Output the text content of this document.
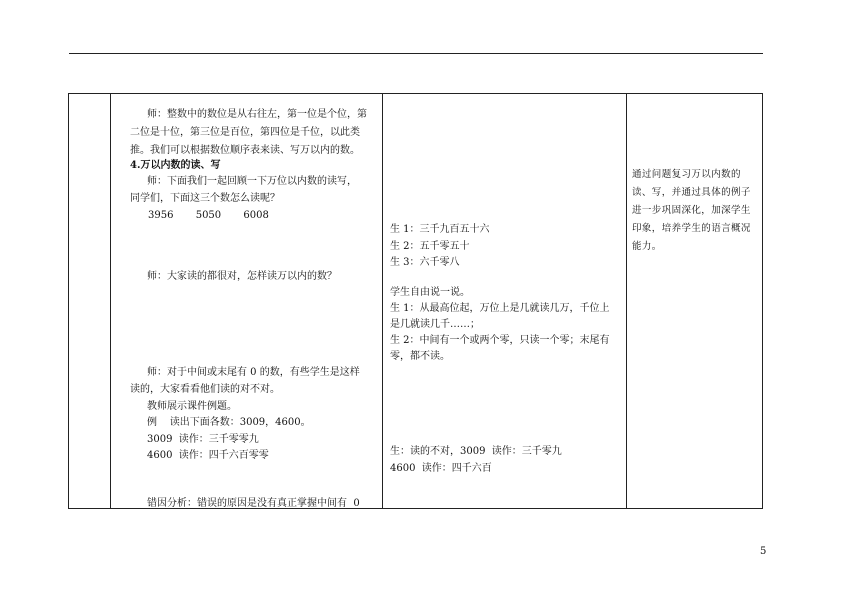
师：整数中的数位是从右往左，第一位是个位，第
二位是十位，第三位是百位，第四位是千位，以此类
推。我们可以根据数位顺序表来读、写万以内的数。
4.万以内数的读、写
师：下面我们一起回顾一下万位以内数的读写，
同学们，下面这三个数怎么读呢？
3956       5050       6008
师：大家读的都很对，怎样读万以内的数？
师：对于中间或末尾有 0 的数，有些学生是这样
读的，大家看看他们读的对不对。
教师展示课件例题。
例    读出下面各数：3009，4600。
3009  读作：三千零零九
4600  读作：四千六百零零
错因分析：错误的原因是没有真正掌握中间有  0
生 1：三千九百五十六
生 2：五千零五十
生 3：六千零八
学生自由说一说。
生 1：从最高位起，万位上是几就读几万，千位上
是几就读几千……；
生 2：中间有一个或两个零，只读一个零；末尾有
零，都不读。
生：读的不对，3009  读作：三千零九
4600  读作：四千六百
通过问题复习万以内数的
读、写，并通过具体的例子
进一步巩固深化，加深学生
印象，培养学生的语言概况
能力。
5
